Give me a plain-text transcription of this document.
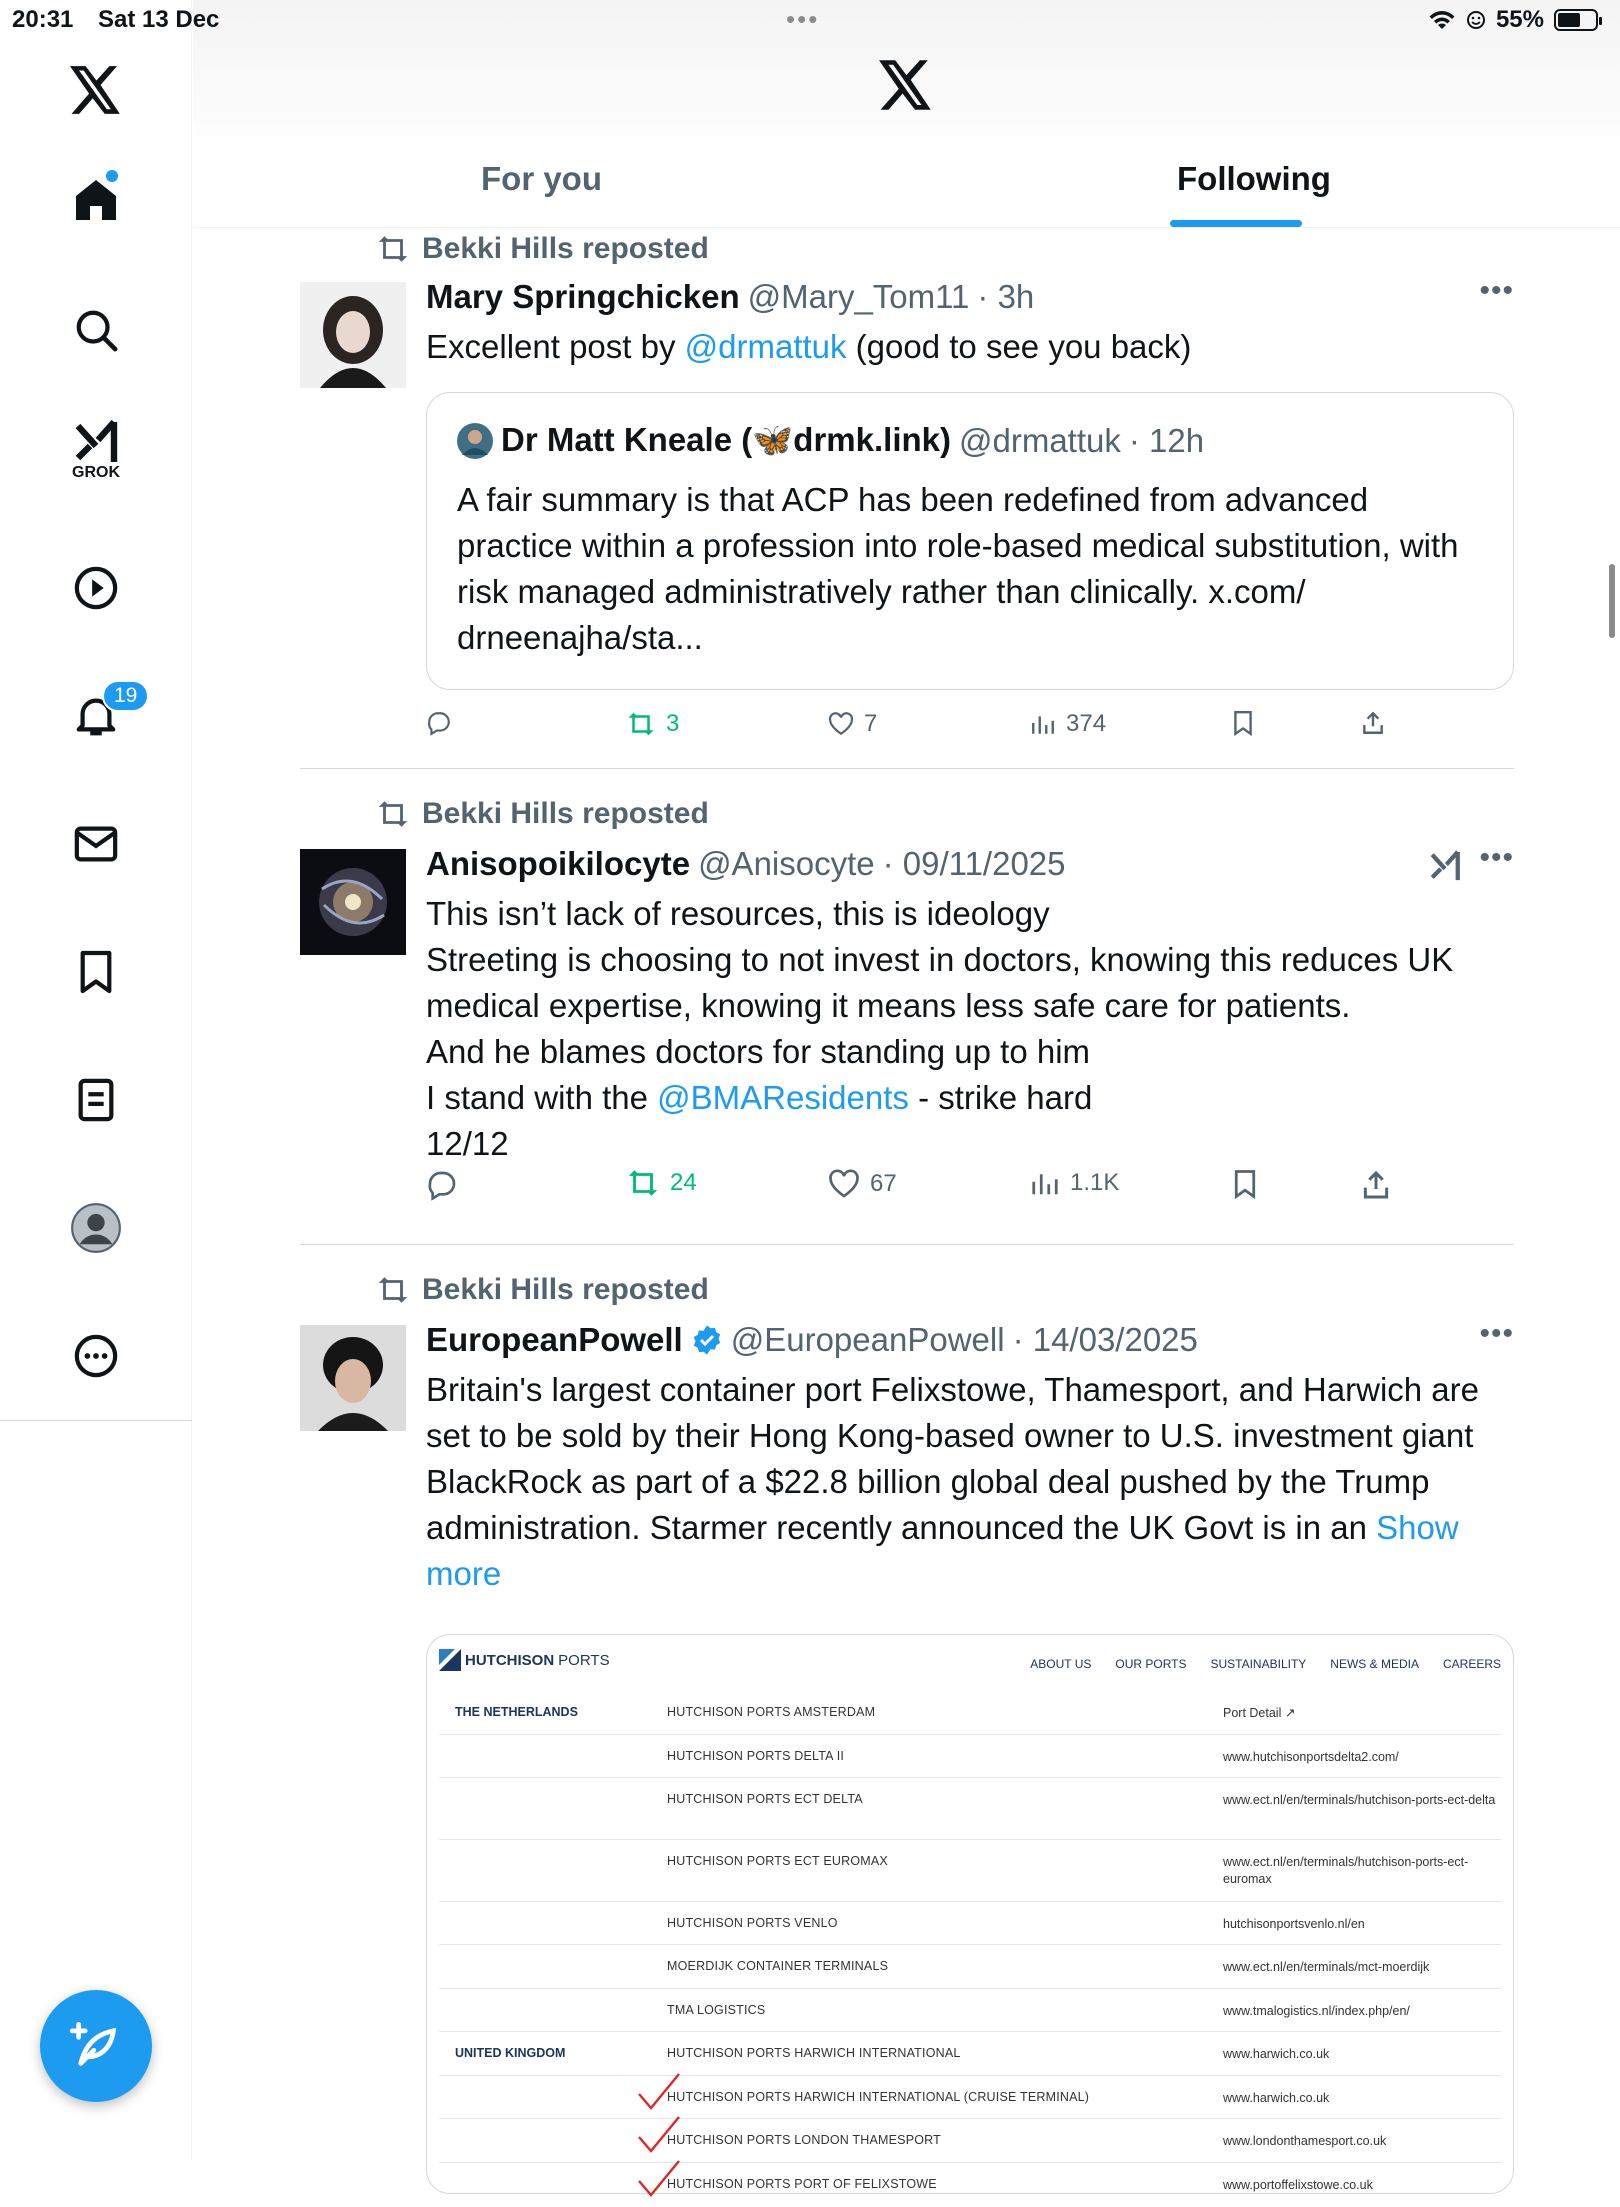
20:31 Sat 13 Dec	•••	55%
GROK
19
For you	Following
Bekki Hills reposted
Mary Springchicken @Mary_Tom11 · 3h	•••
Excellent post by @drmattuk (good to see you back)
Dr Matt Kneale (🦋drmk.link) @drmattuk · 12h
A fair summary is that ACP has been redefined from advanced practice within a profession into role-based medical substitution, with risk managed administratively rather than clinically. x.com/ drneenajha/sta...
3	7	374
Bekki Hills reposted
Anisopoikilocyte @Anisocyte · 09/11/2025	•••
This isn’t lack of resources, this is ideology
Streeting is choosing to not invest in doctors, knowing this reduces UK medical expertise, knowing it means less safe care for patients.
And he blames doctors for standing up to him
I stand with the @BMAResidents - strike hard
12/12
24	67	1.1K
Bekki Hills reposted
EuropeanPowell @EuropeanPowell · 14/03/2025	•••
Britain's largest container port Felixstowe, Thamesport, and Harwich are set to be sold by their Hong Kong-based owner to U.S. investment giant BlackRock as part of a $22.8 billion global deal pushed by the Trump administration. Starmer recently announced the UK Govt is in an Show more
HUTCHISON PORTS	ABOUT US OUR PORTS SUSTAINABILITY NEWS & MEDIA CAREERS
THE NETHERLANDS	HUTCHISON PORTS AMSTERDAM	Port Detail ↗
HUTCHISON PORTS DELTA II	www.hutchisonportsdelta2.com/
HUTCHISON PORTS ECT DELTA	www.ect.nl/en/terminals/hutchison-ports-ect-delta
HUTCHISON PORTS ECT EUROMAX	www.ect.nl/en/terminals/hutchison-ports-ect-euromax
HUTCHISON PORTS VENLO	hutchisonportsvenlo.nl/en
MOERDIJK CONTAINER TERMINALS	www.ect.nl/en/terminals/mct-moerdijk
TMA LOGISTICS	www.tmalogistics.nl/index.php/en/
UNITED KINGDOM	HUTCHISON PORTS HARWICH INTERNATIONAL	www.harwich.co.uk
HUTCHISON PORTS HARWICH INTERNATIONAL (CRUISE TERMINAL)	www.harwich.co.uk
HUTCHISON PORTS LONDON THAMESPORT	www.londonthamesport.co.uk
HUTCHISON PORTS PORT OF FELIXSTOWE	www.portoffelixstowe.co.uk
